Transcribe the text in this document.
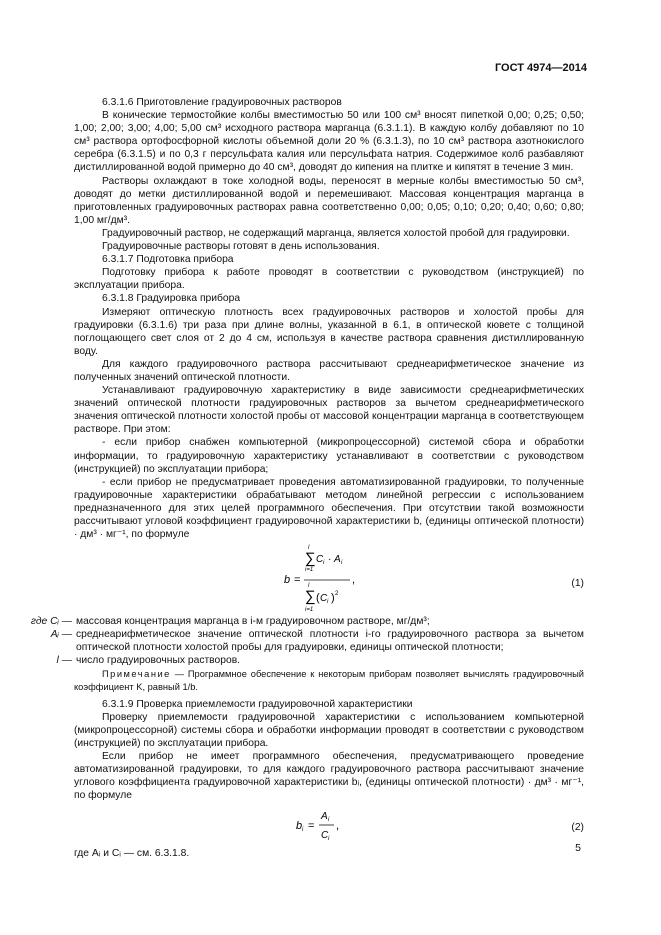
ГОСТ 4974—2014

6.3.1.6 Приготовление градуировочных растворов

В конические термостойкие колбы вместимостью 50 или 100 см³ вносят пипеткой 0,00; 0,25; 0,50; 1,00; 2,00; 3,00; 4,00; 5,00 см³ исходного раствора марганца (6.3.1.1). В каждую колбу добавляют по 10 см³ раствора ортофосфорной кислоты объемной доли 20 % (6.3.1.3), по 10 см³ раствора азотнокислого серебра (6.3.1.5) и по 0,3 г персульфата калия или персульфата натрия. Содержимое колб разбавляют дистиллированной водой примерно до 40 см³, доводят до кипения на плитке и кипятят в течение 3 мин.

Растворы охлаждают в токе холодной воды, переносят в мерные колбы вместимостью 50 см³, доводят до метки дистиллированной водой и перемешивают. Массовая концентрация марганца в приготовленных градуировочных растворах равна соответственно 0,00; 0,05; 0,10; 0,20; 0,40; 0,60; 0,80; 1,00 мг/дм³.

Градуировочный раствор, не содержащий марганца, является холостой пробой для градуировки.

Градуировочные растворы готовят в день использования.

6.3.1.7 Подготовка прибора

Подготовку прибора к работе проводят в соответствии с руководством (инструкцией) по эксплуатации прибора.

6.3.1.8 Градуировка прибора

Измеряют оптическую плотность всех градуировочных растворов и холостой пробы для градуировки (6.3.1.6) три раза при длине волны, указанной в 6.1, в оптической кювете с толщиной поглощающего свет слоя от 2 до 4 см, используя в качестве раствора сравнения дистиллированную воду.

Для каждого градуировочного раствора рассчитывают среднеарифметическое значение из полученных значений оптической плотности.

Устанавливают градуировочную характеристику в виде зависимости среднеарифметических значений оптической плотности градуировочных растворов за вычетом среднеарифметического значения оптической плотности холостой пробы от массовой концентрации марганца в соответствующем растворе. При этом:

- если прибор снабжен компьютерной (микропроцессорной) системой сбора и обработки информации, то градуировочную характеристику устанавливают в соответствии с руководством (инструкцией) по эксплуатации прибора;

- если прибор не предусматривает проведения автоматизированной градуировки, то полученные градуировочные характеристики обрабатывают методом линейной регрессии с использованием предназначенного для этих целей программного обеспечения. При отсутствии такой возможности рассчитывают угловой коэффициент градуировочной характеристики b, (единицы оптической плотности) · дм³ · мг⁻¹, по формуле

b =
l
∑ C i · A i
i=1
l
∑ ( C i ) 2
i=1
,	(1)
где Cᵢ — массовая концентрация марганца в i-м градуировочном растворе, мг/дм³;
Aᵢ — среднеарифметическое значение оптической плотности i-го градуировочного раствора за вычетом оптической плотности холостой пробы для градуировки, единицы оптической плотности;
l — число градуировочных растворов.

Примечание — Программное обеспечение к некоторым приборам позволяет вычислять градуировочный коэффициент K, равный 1/b.

6.3.1.9 Проверка приемлемости градуировочной характеристики

Проверку приемлемости градуировочной характеристики с использованием компьютерной (микропроцессорной) системы сбора и обработки информации проводят в соответствии с руководством (инструкцией) по эксплуатации прибора.

Если прибор не имеет программного обеспечения, предусматривающего проведение автоматизированной градуировки, то для каждого градуировочного раствора рассчитывают значение углового коэффициента градуировочной характеристики bᵢ, (единицы оптической плотности) · дм³ · мг⁻¹, по формуле

b i =
A i
C i
,	(2)

где Aᵢ и Cᵢ — см. 6.3.1.8.	5
